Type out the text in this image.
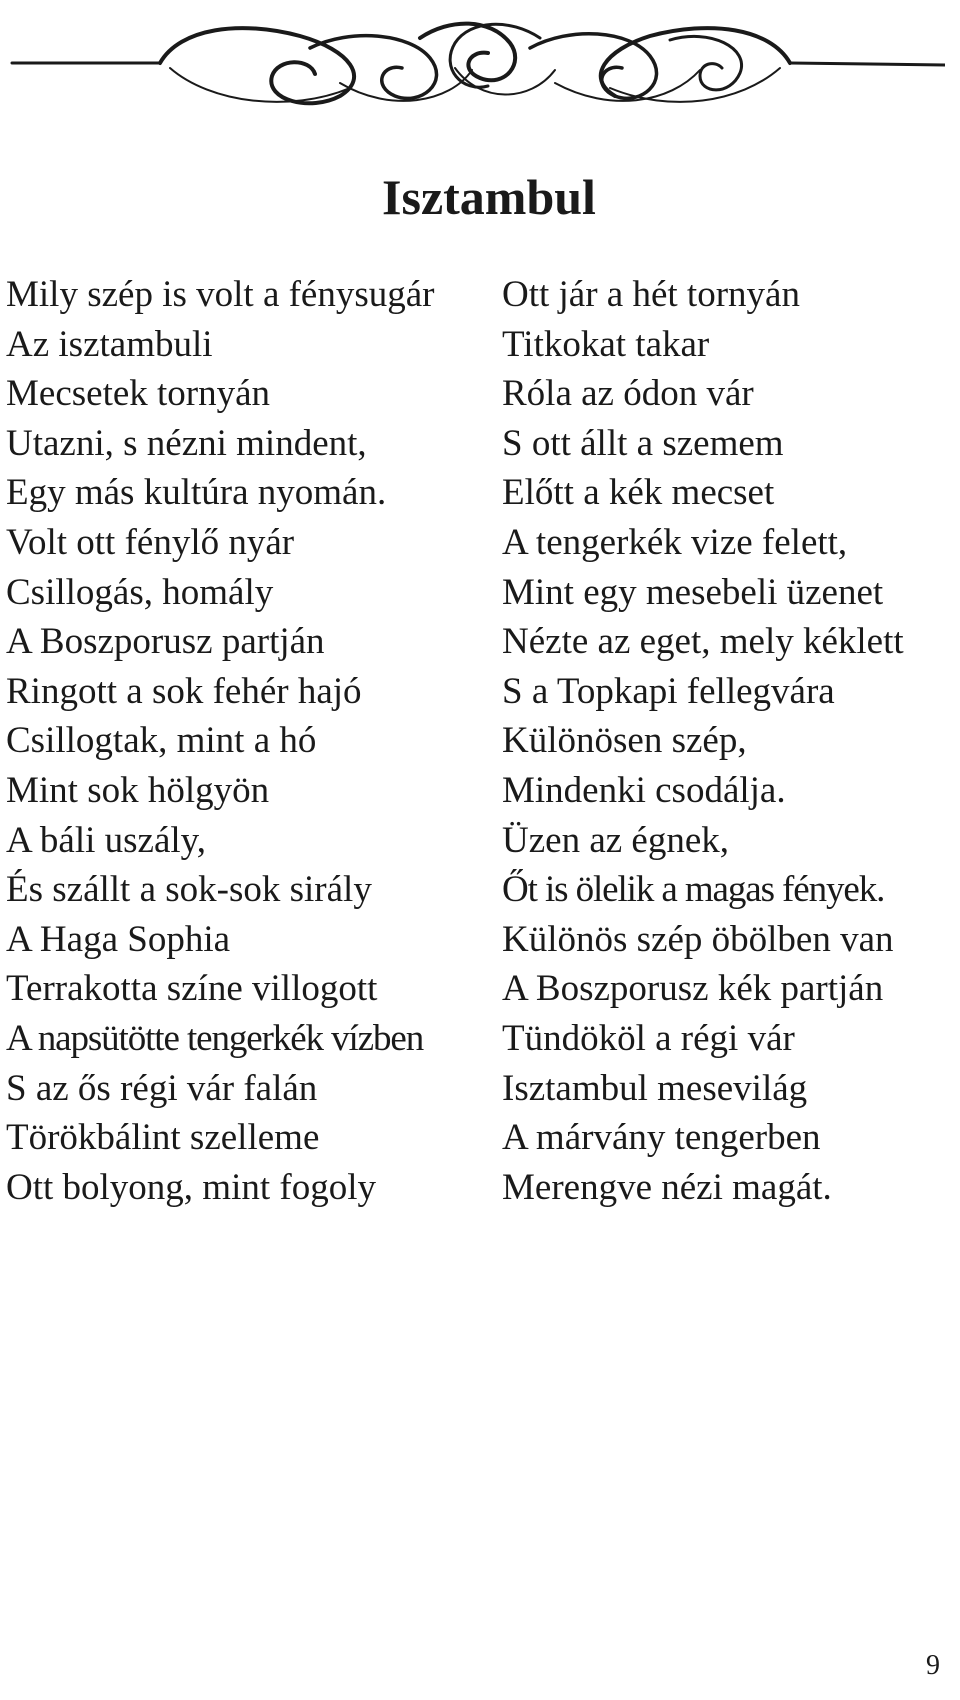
Isztambul
Mily szép is volt a fénysugár
Az isztambuli
Mecsetek tornyán
Utazni, s nézni mindent,
Egy más kultúra nyomán.
Volt ott fénylő nyár
Csillogás, homály
A Boszporusz partján
Ringott a sok fehér hajó
Csillogtak, mint a hó
Mint sok hölgyön
A báli uszály,
És szállt a sok-sok sirály
A Haga Sophia
Terrakotta színe villogott
A napsütötte tengerkék vízben
S az ős régi vár falán
Törökbálint szelleme
Ott bolyong, mint fogoly
Ott jár a hét tornyán
Titkokat takar
Róla az ódon vár
S ott állt a szemem
Előtt a kék mecset
A tengerkék vize felett,
Mint egy mesebeli üzenet
Nézte az eget, mely kéklett
S a Topkapi fellegvára
Különösen szép,
Mindenki csodálja.
Üzen az égnek,
Őt is ölelik a magas fények.
Különös szép öbölben van
A Boszporusz kék partján
Tündököl a régi vár
Isztambul mesevilág
A márvány tengerben
Merengve nézi magát.
9
